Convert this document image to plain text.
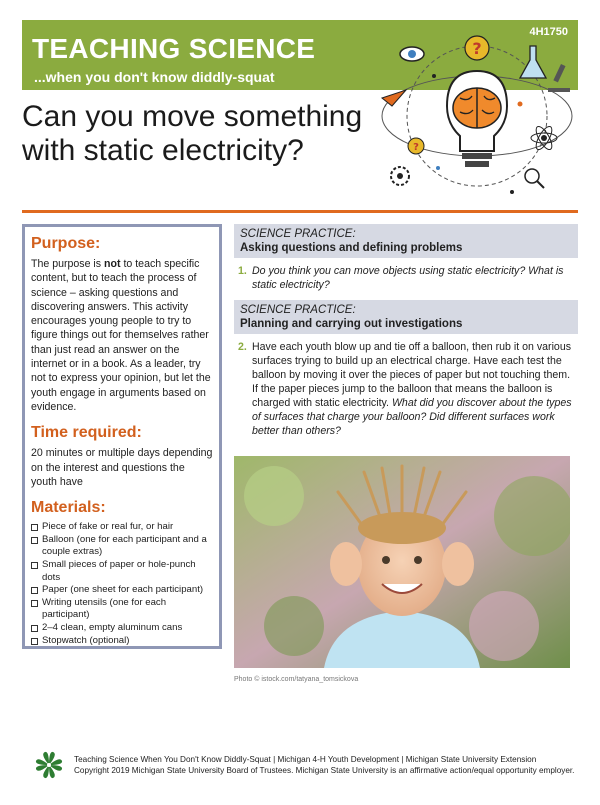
TEACHING SCIENCE
...when you don't know diddly-squat
4H1750
?
?
Can you move something with static electricity?
Purpose:

The purpose is not to teach specific content, but to teach the process of science – asking questions and discovering answers. This activity encourages young people to try to figure things out for themselves rather than just read an answer on the internet or in a book. As a leader, try not to express your opinion, but let the youth engage in arguments based on evidence.

Time required:

20 minutes or multiple days depending on the interest and questions the youth have

Materials:
Piece of fake or real fur, or hair
Balloon (one for each participant and a couple extras)
Small pieces of paper or hole-punch dots
Paper (one sheet for each participant)
Writing utensils (one for each participant)
2–4 clean, empty aluminum cans
Stopwatch (optional)
SCIENCE PRACTICE:
Asking questions and defining problems
1. Do you think you can move objects using static electricity? What is static electricity?
SCIENCE PRACTICE:
Planning and carrying out investigations
2. Have each youth blow up and tie off a balloon, then rub it on various surfaces trying to build up an electrical charge. Have each test the balloon by moving it over the pieces of paper but not touching them. If the paper pieces jump to the balloon that means the balloon is charged with static electricity. What did you discover about the types of surfaces that charge your balloon? Did different surfaces work better than others?
Photo © istock.com/tatyana_tomsickova
Teaching Science When You Don't Know Diddly-Squat | Michigan 4-H Youth Development | Michigan State University Extension
Copyright 2019 Michigan State University Board of Trustees. Michigan State University is an affirmative action/equal opportunity employer.
